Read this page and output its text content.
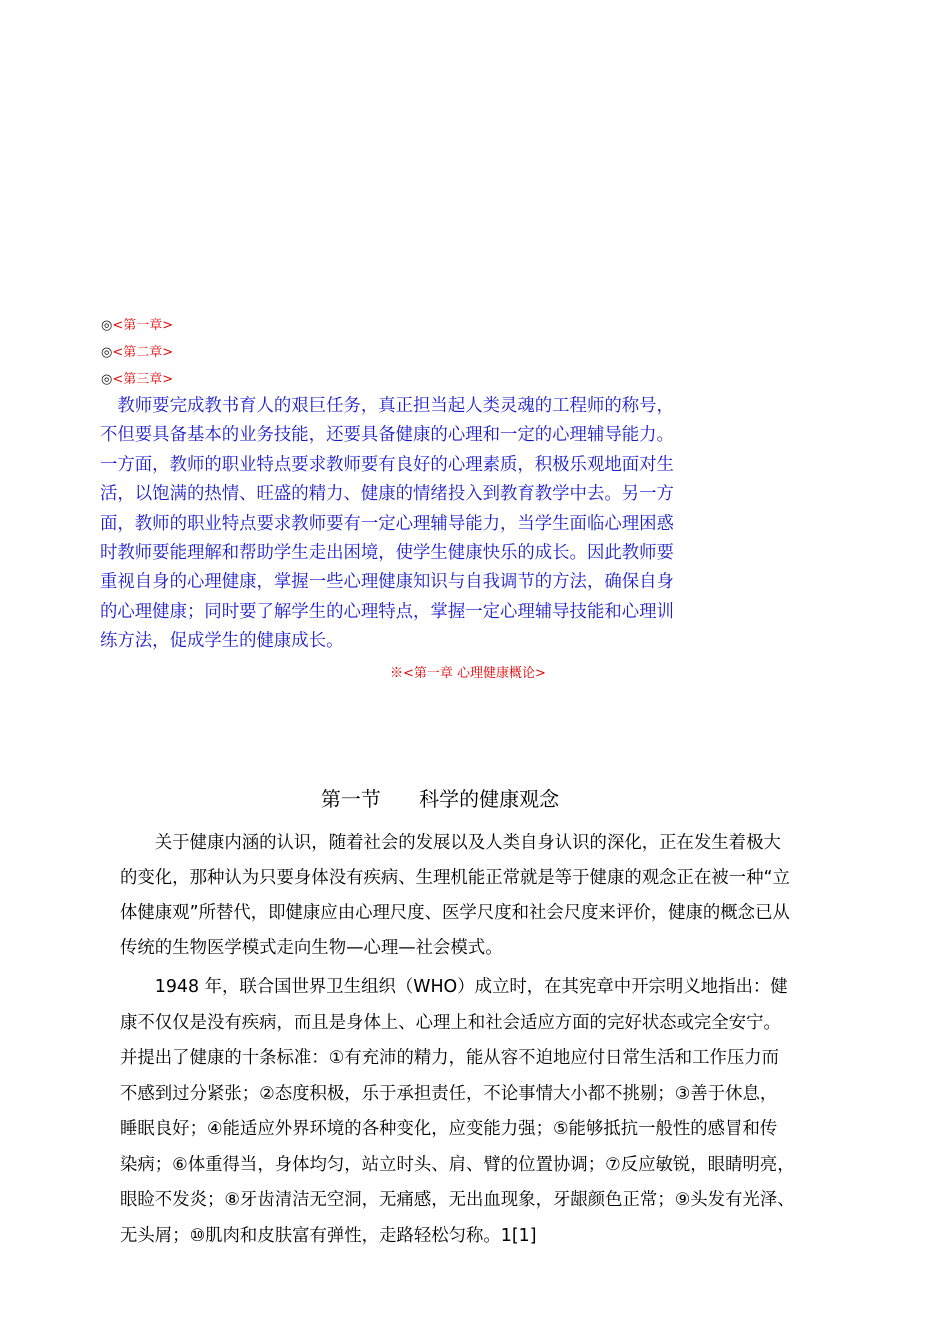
◎<第一章>
◎<第二章>
◎<第三章>

　教师要完成教书育人的艰巨任务，真正担当起人类灵魂的工程师的称号，
不但要具备基本的业务技能，还要具备健康的心理和一定的心理辅导能力。
一方面，教师的职业特点要求教师要有良好的心理素质，积极乐观地面对生
活，以饱满的热情、旺盛的精力、健康的情绪投入到教育教学中去。另一方
面，教师的职业特点要求教师要有一定心理辅导能力，当学生面临心理困惑
时教师要能理解和帮助学生走出困境，使学生健康快乐的成长。因此教师要
重视自身的心理健康，掌握一些心理健康知识与自我调节的方法，确保自身
的心理健康；同时要了解学生的心理特点，掌握一定心理辅导技能和心理训
练方法，促成学生的健康成长。

※<第一章 心理健康概论>
第一节      科学的健康观念
　　关于健康内涵的认识，随着社会的发展以及人类自身认识的深化，正在发生着极大
的变化，那种认为只要身体没有疾病、生理机能正常就是等于健康的观念正在被一种“立
体健康观”所替代，即健康应由心理尺度、医学尺度和社会尺度来评价，健康的概念已从
传统的生物医学模式走向生物—心理—社会模式。
　　1948 年，联合国世界卫生组织（WHO）成立时，在其宪章中开宗明义地指出：健
康不仅仅是没有疾病，而且是身体上、心理上和社会适应方面的完好状态或完全安宁。
并提出了健康的十条标准：①有充沛的精力，能从容不迫地应付日常生活和工作压力而
不感到过分紧张；②态度积极，乐于承担责任，不论事情大小都不挑剔；③善于休息，
睡眠良好；④能适应外界环境的各种变化，应变能力强；⑤能够抵抗一般性的感冒和传
染病；⑥体重得当，身体均匀，站立时头、肩、臂的位置协调；⑦反应敏锐，眼睛明亮，
眼睑不发炎；⑧牙齿清洁无空洞，无痛感，无出血现象，牙龈颜色正常；⑨头发有光泽、
无头屑；⑩肌肉和皮肤富有弹性，走路轻松匀称。1[1]
